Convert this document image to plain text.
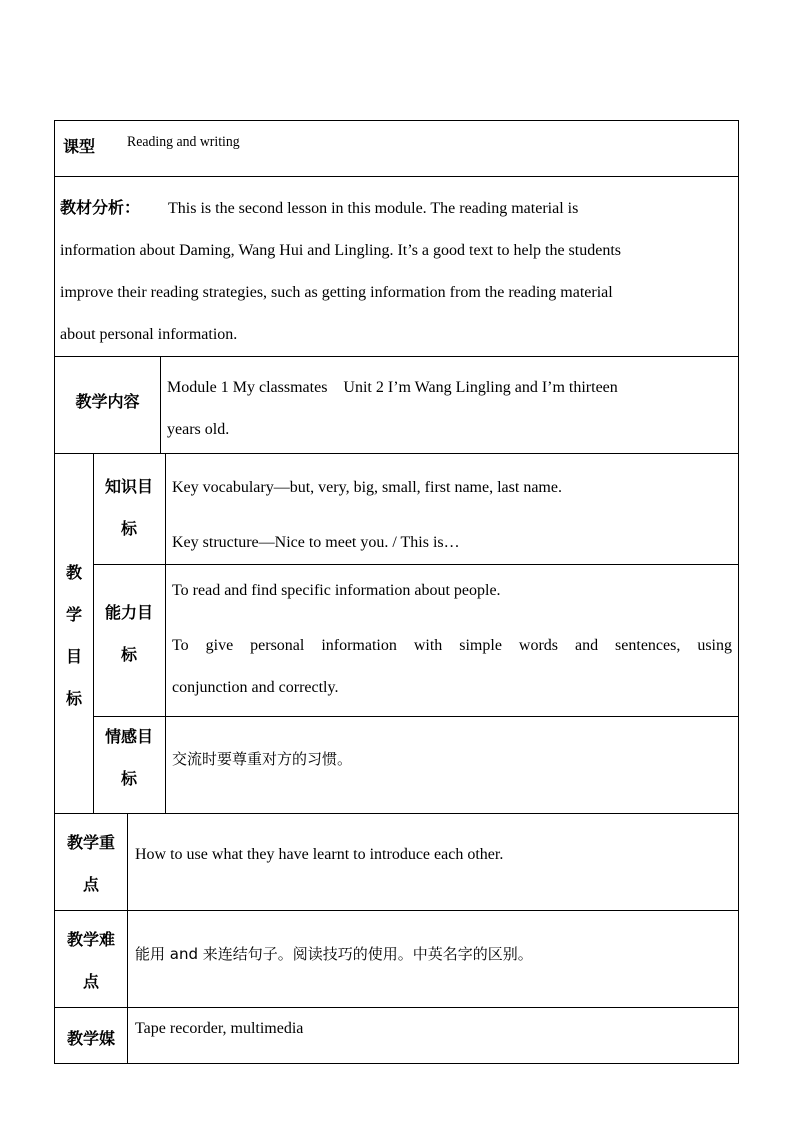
课型 Reading and writing
教材分析： This is the second lesson in this module. The reading material is
information about Daming, Wang Hui and Lingling. It’s a good text to help the students
improve their reading strategies, such as getting information from the reading material
about personal information.
教学内容
Module 1 My classmates    Unit 2 I’m Wang Lingling and I’m thirteen
years old.
教
学
目
标
知识目
标
Key vocabulary—but, very, big, small, first name, last name.
Key structure—Nice to meet you. / This is…
能力目
标
To read and find specific information about people.
To give personal information with simple words and sentences, using
conjunction and correctly.
情感目
标
交流时要尊重对方的习惯。
教学重
点
How to use what they have learnt to introduce each other.
教学难
点
能用 and 来连结句子。阅读技巧的使用。中英名字的区别。
教学媒
Tape recorder, multimedia
